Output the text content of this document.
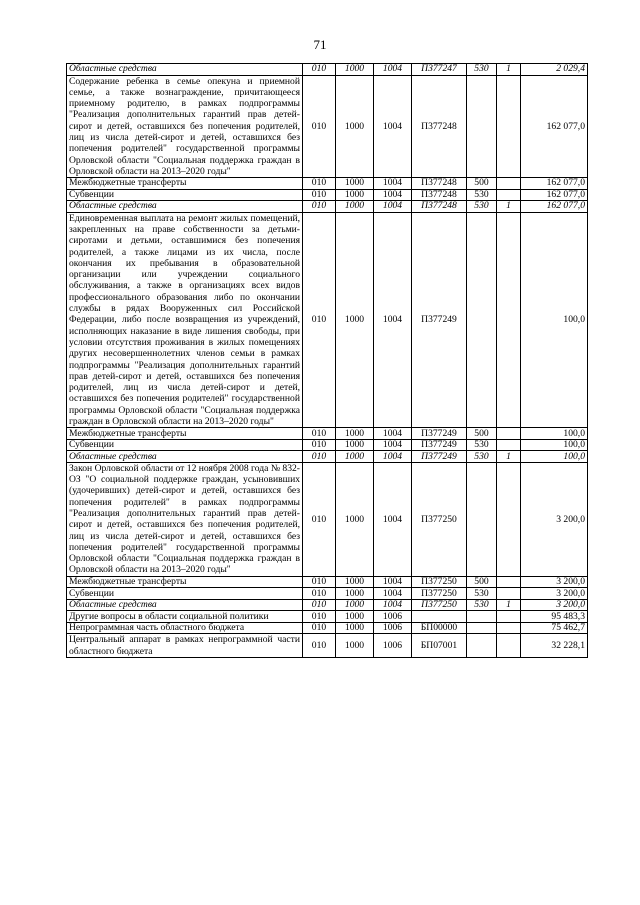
71
Областные средства	010	1000	1004	П377247	530	1	2 029,4
Содержание ребенка в семье опекуна и приемной семье, а также вознаграждение, причитающееся приемному родителю, в рамках подпрограммы "Реализация дополнительных гарантий прав детей-сирот и детей, оставшихся без попечения родителей, лиц из числа детей-сирот и детей, оставшихся без попечения родителей" государственной программы Орловской области "Социальная поддержка граждан в Орловской области на 2013–2020 годы"	010	1000	1004	П377248			162 077,0
Межбюджетные трансферты	010	1000	1004	П377248	500		162 077,0
Субвенции	010	1000	1004	П377248	530		162 077,0
Областные средства	010	1000	1004	П377248	530	1	162 077,0
Единовременная выплата на ремонт жилых помещений, закрепленных на праве собственности за детьми-сиротами и детьми, оставшимися без попечения родителей, а также лицами из их числа, после окончания их пребывания в образовательной организации или учреждении социального обслуживания, а также в организациях всех видов профессионального образования либо по окончании службы в рядах Вооруженных сил Российской Федерации, либо после возвращения из учреждений, исполняющих наказание в виде лишения свободы, при условии отсутствия проживания в жилых помещениях других несовершеннолетних членов семьи в рамках подпрограммы "Реализация дополнительных гарантий прав детей-сирот и детей, оставшихся без попечения родителей, лиц из числа детей-сирот и детей, оставшихся без попечения родителей" государственной программы Орловской области "Социальная поддержка граждан в Орловской области на 2013–2020 годы"	010	1000	1004	П377249			100,0
Межбюджетные трансферты	010	1000	1004	П377249	500		100,0
Субвенции	010	1000	1004	П377249	530		100,0
Областные средства	010	1000	1004	П377249	530	1	100,0
Закон Орловской области от 12 ноября 2008 года № 832-ОЗ "О социальной поддержке граждан, усыновивших (удочеривших) детей-сирот и детей, оставшихся без попечения родителей" в рамках подпрограммы "Реализация дополнительных гарантий прав детей-сирот и детей, оставшихся без попечения родителей, лиц из числа детей-сирот и детей, оставшихся без попечения родителей" государственной программы Орловской области "Социальная поддержка граждан в Орловской области на 2013–2020 годы"	010	1000	1004	П377250			3 200,0
Межбюджетные трансферты	010	1000	1004	П377250	500		3 200,0
Субвенции	010	1000	1004	П377250	530		3 200,0
Областные средства	010	1000	1004	П377250	530	1	3 200,0
Другие вопросы в области социальной политики	010	1000	1006				95 483,3
Непрограммная часть областного бюджета	010	1000	1006	БП00000			75 462,7
Центральный аппарат в рамках непрограммной части областного бюджета	010	1000	1006	БП07001			32 228,1
